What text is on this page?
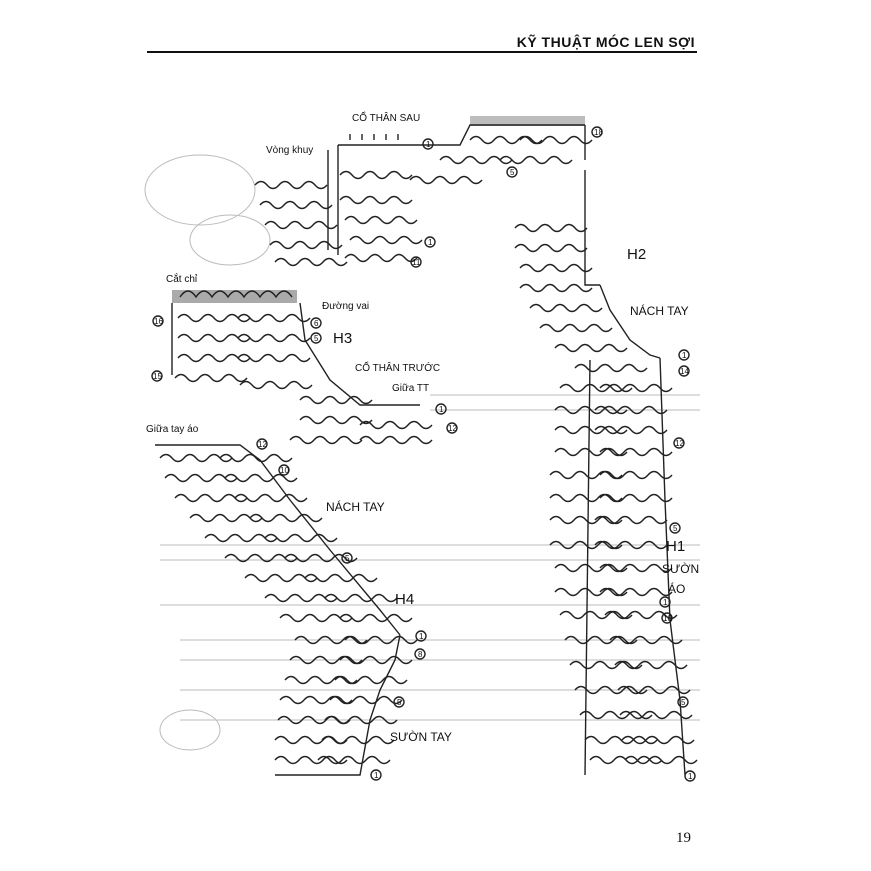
KỸ THUẬT MÓC LEN SỢI
CỔ THÂN SAU
Vòng khuy
Cắt chỉ
Đường vai
H3
CỔ THÂN TRƯỚC
Giữa TT
H2
NÁCH TAY
H1
SƯỜN
ÁO
Giữa tay áo
NÁCH TAY
H4
SƯỜN TAY
18
1
5
1
11
16	6
5
15
1
12
1
14
12
5
1
10
5
1
12
10
5
1
8
5
1
19
